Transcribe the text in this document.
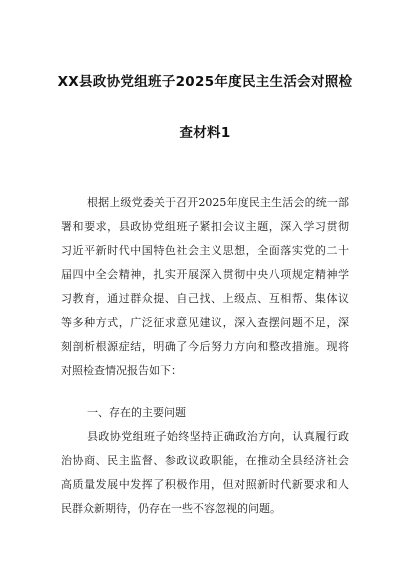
XX县政协党组班子2025年度民主生活会对照检
查材料1
根据上级党委关于召开2025年度民主生活会的统一部
署和要求，县政协党组班子紧扣会议主题，深入学习贯彻
习近平新时代中国特色社会主义思想，全面落实党的二十
届四中全会精神，扎实开展深入贯彻中央八项规定精神学
习教育，通过群众提、自己找、上级点、互相帮、集体议
等多种方式，广泛征求意见建议，深入查摆问题不足，深
刻剖析根源症结，明确了今后努力方向和整改措施。现将
对照检查情况报告如下：
一、存在的主要问题
县政协党组班子始终坚持正确政治方向，认真履行政
治协商、民主监督、参政议政职能，在推动全县经济社会
高质量发展中发挥了积极作用，但对照新时代新要求和人
民群众新期待，仍存在一些不容忽视的问题。
